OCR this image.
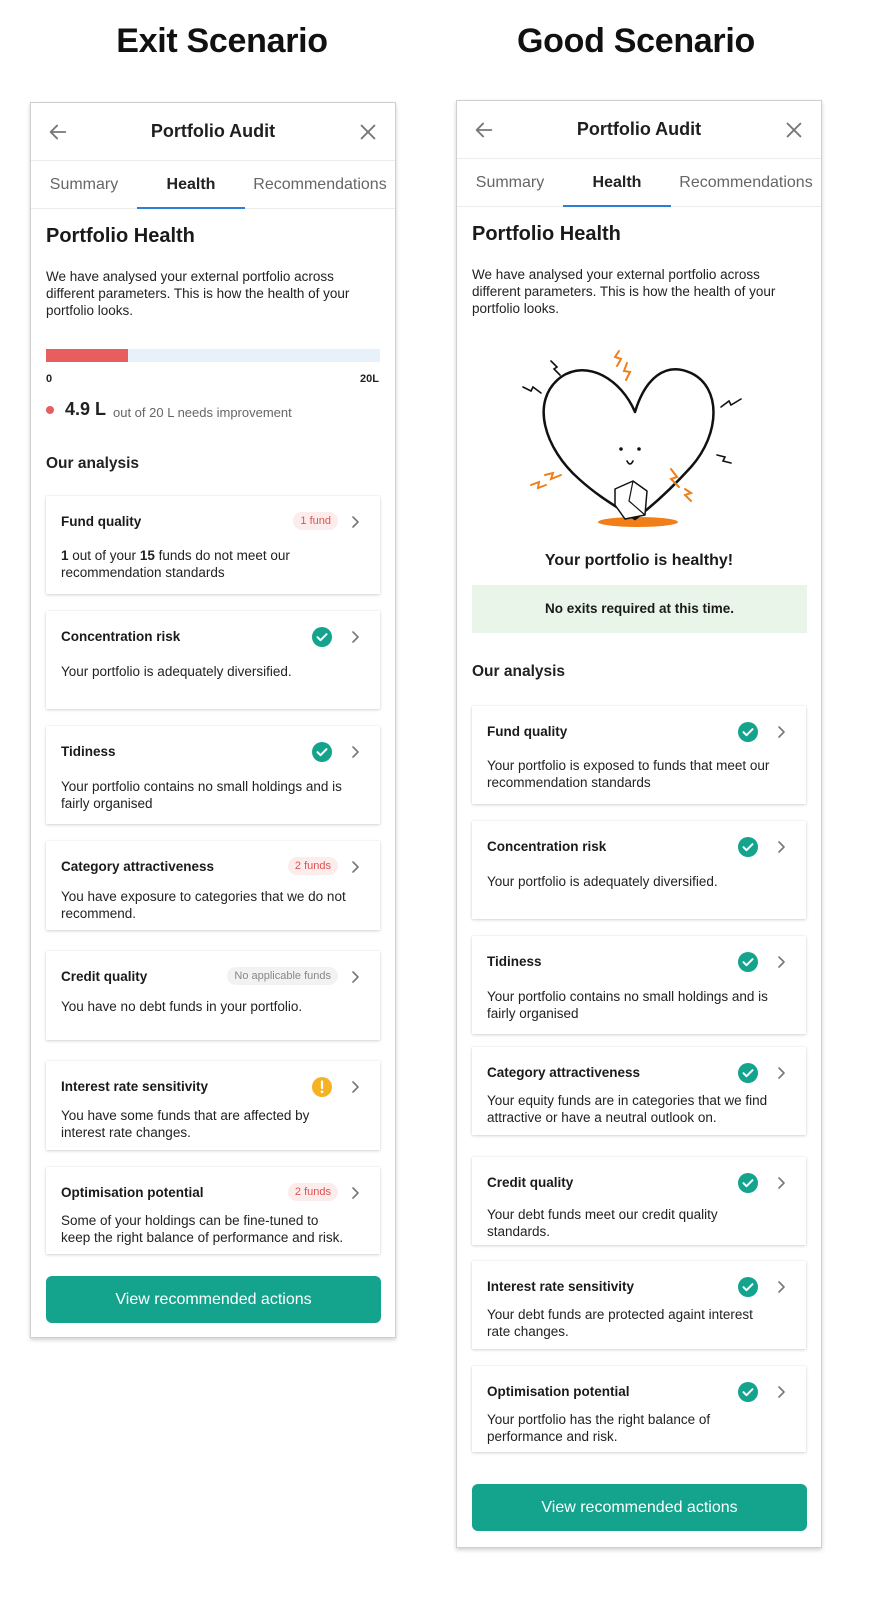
Exit Scenario	Good Scenario
Portfolio Audit
Summary	Health	Recommendations
Portfolio Health
We have analysed your external portfolio across different parameters. This is how the health of your portfolio looks.
0	20L
4.9 L out of 20 L needs improvement
Our analysis
Fund quality	1 fund
1 out of your 15 funds do not meet our recommendation standards
Concentration risk
Your portfolio is adequately diversified.
Tidiness
Your portfolio contains no small holdings and is fairly organised
Category attractiveness	2 funds
You have exposure to categories that we do not recommend.
Credit quality	No applicable funds
You have no debt funds in your portfolio.
Interest rate sensitivity
You have some funds that are affected by interest rate changes.
Optimisation potential	2 funds
Some of your holdings can be fine-tuned to keep the right balance of performance and risk.
View recommended actions
Portfolio Audit
Summary	Health	Recommendations
Portfolio Health
We have analysed your external portfolio across different parameters. This is how the health of your portfolio looks.
Your portfolio is healthy!
No exits required at this time.
Our analysis
Fund quality
Your portfolio is exposed to funds that meet our recommendation standards
Concentration risk
Your portfolio is adequately diversified.
Tidiness
Your portfolio contains no small holdings and is fairly organised
Category attractiveness
Your equity funds are in categories that we find attractive or have a neutral outlook on.
Credit quality
Your debt funds meet our credit quality standards.
Interest rate sensitivity
Your debt funds are protected againt interest rate changes.
Optimisation potential
Your portfolio has the right balance of performance and risk.
View recommended actions
